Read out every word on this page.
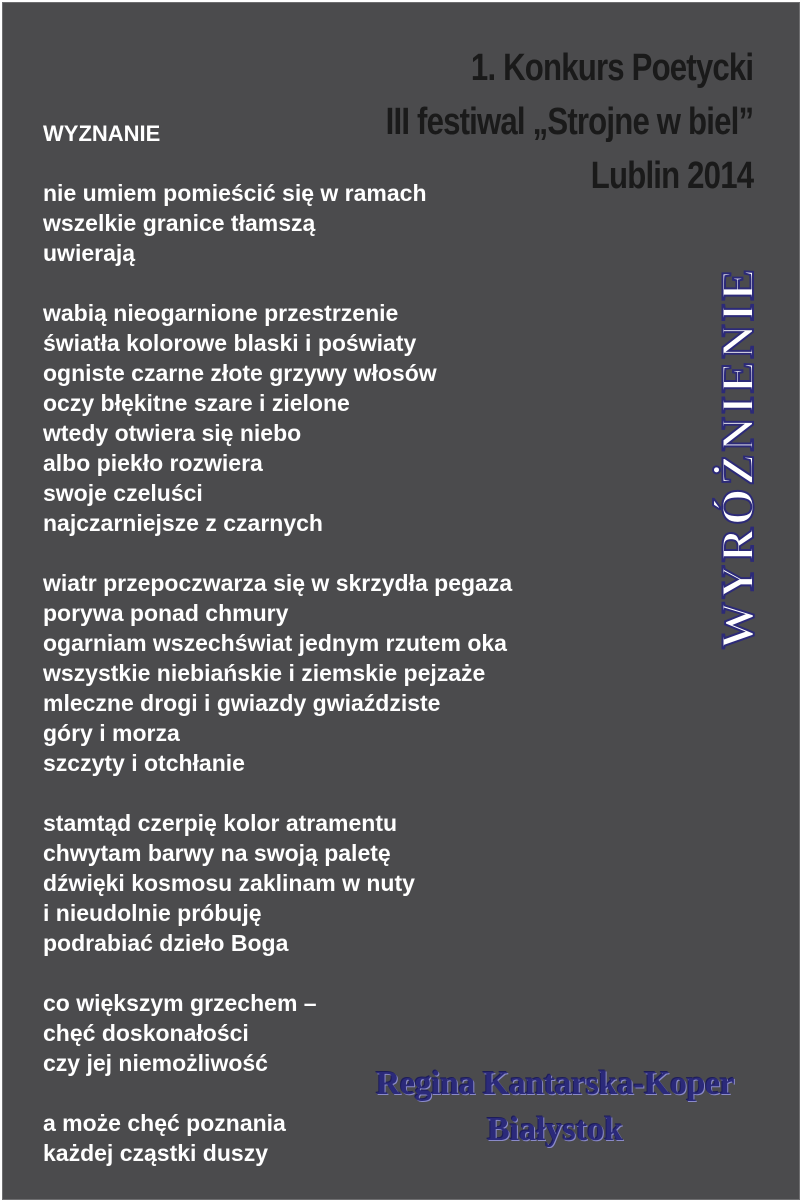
1. Konkurs Poetycki
III festiwal „Strojne w biel”
Lublin 2014
WYZNANIE
nie umiem pomieścić się w ramach
wszelkie granice tłamszą
uwierają
wabią nieogarnione przestrzenie
światła kolorowe blaski i poświaty
ogniste czarne złote grzywy włosów
oczy błękitne szare i zielone
wtedy otwiera się niebo
albo piekło rozwiera
swoje czeluści
najczarniejsze z czarnych
wiatr przepoczwarza się w skrzydła pegaza
porywa ponad chmury
ogarniam wszechświat jednym rzutem oka
wszystkie niebiańskie i ziemskie pejzaże
mleczne drogi i gwiazdy gwiaździste
góry i morza
szczyty i otchłanie
stamtąd czerpię kolor atramentu
chwytam barwy na swoją paletę
dźwięki kosmosu zaklinam w nuty
i nieudolnie próbuję
podrabiać dzieło Boga
co większym grzechem –
chęć doskonałości
czy jej niemożliwość
a może chęć poznania
każdej cząstki duszy
WYRÓŻNIENIE
Regina Kantarska-Koper
Białystok
